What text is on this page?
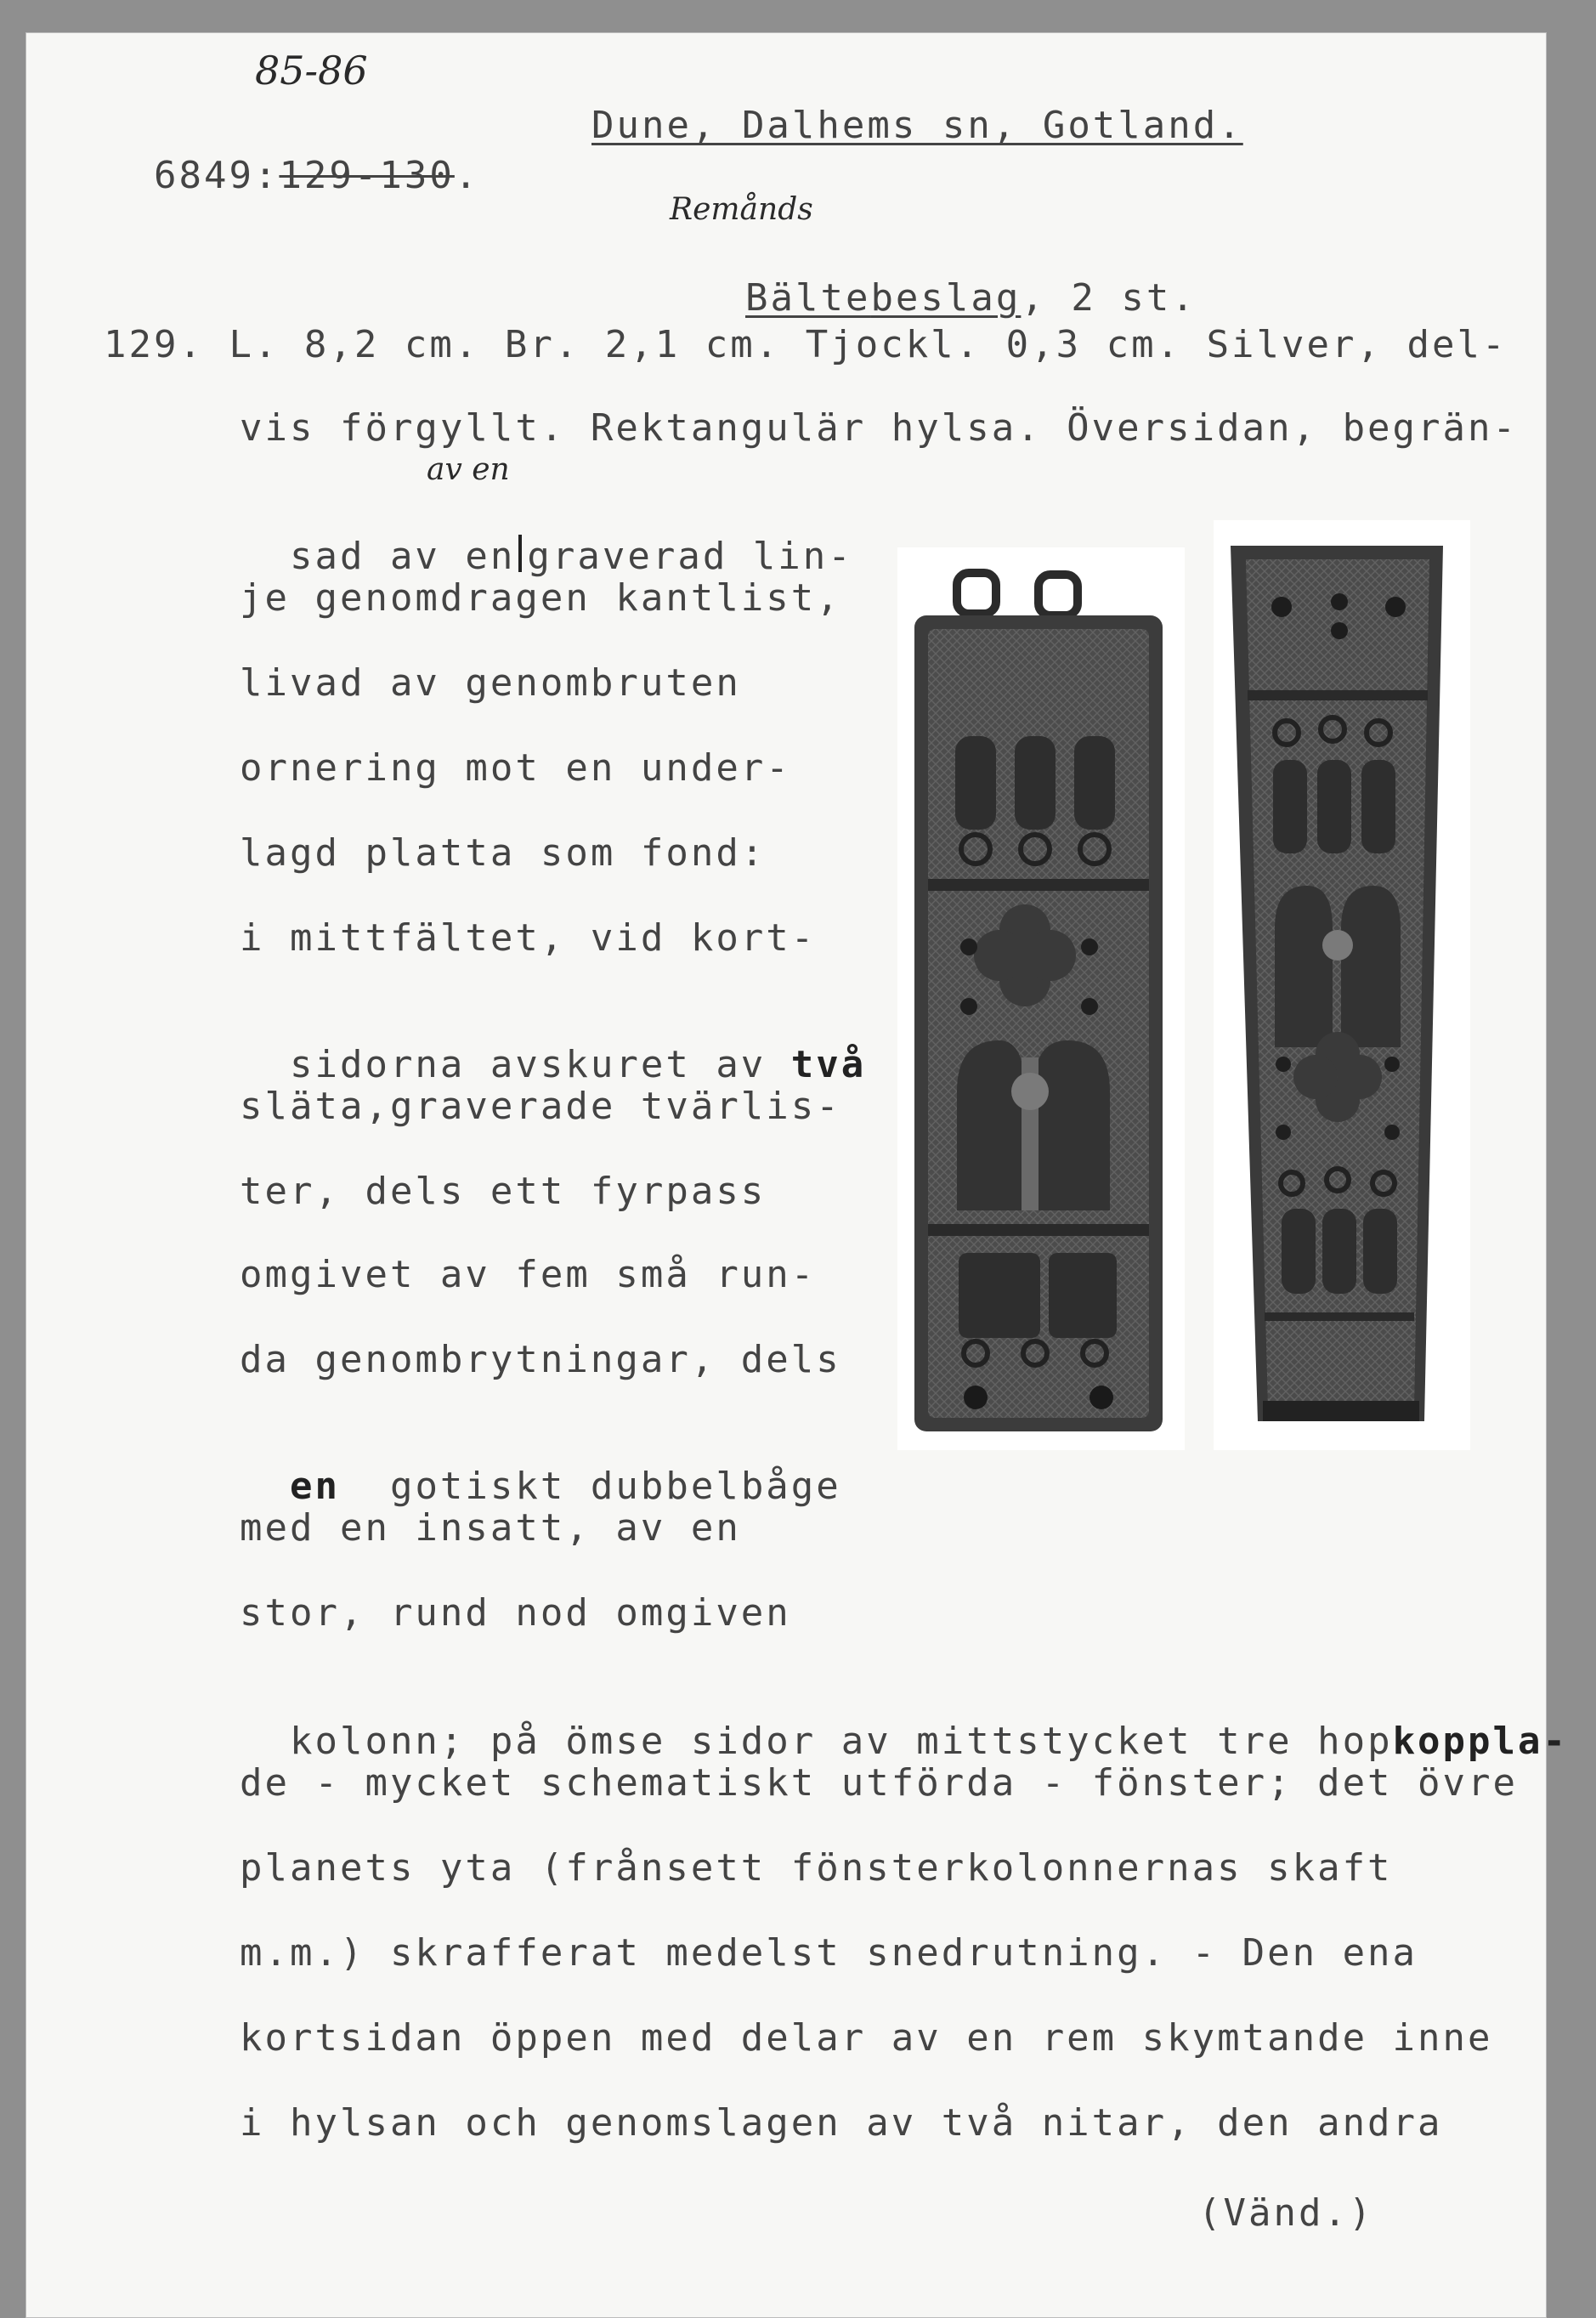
85-86

6849:129-130.

Dune, Dalhems sn, Gotland.
Remånds

Bältebeslag, 2 st.

129. L. 8,2 cm. Br. 2,1 cm. Tjockl. 0,3 cm. Silver, del-
vis förgyllt. Rektangulär hylsa. Översidan, begrän-
av en

sad av en graverad lin-

je genomdragen kantlist,
livad av genombruten
ornering mot en under-
lagd platta som fond:
i mittfältet, vid kort-

sidorna avskuret av två

släta,graverade tvärlis-
ter, dels ett fyrpass
omgivet av fem små run-
da genombrytningar, dels

en  gotiskt dubbelbåge

med en insatt, av en
stor, rund nod omgiven

kolonn; på ömse sidor av mittstycket tre hopkoppla-

de - mycket schematiskt utförda - fönster; det övre
planets yta (frånsett fönsterkolonnernas skaft
m.m.) skrafferat medelst snedrutning. - Den ena
kortsidan öppen med delar av en rem skymtande inne
i hylsan och genomslagen av två nitar, den andra
(Vänd.)
